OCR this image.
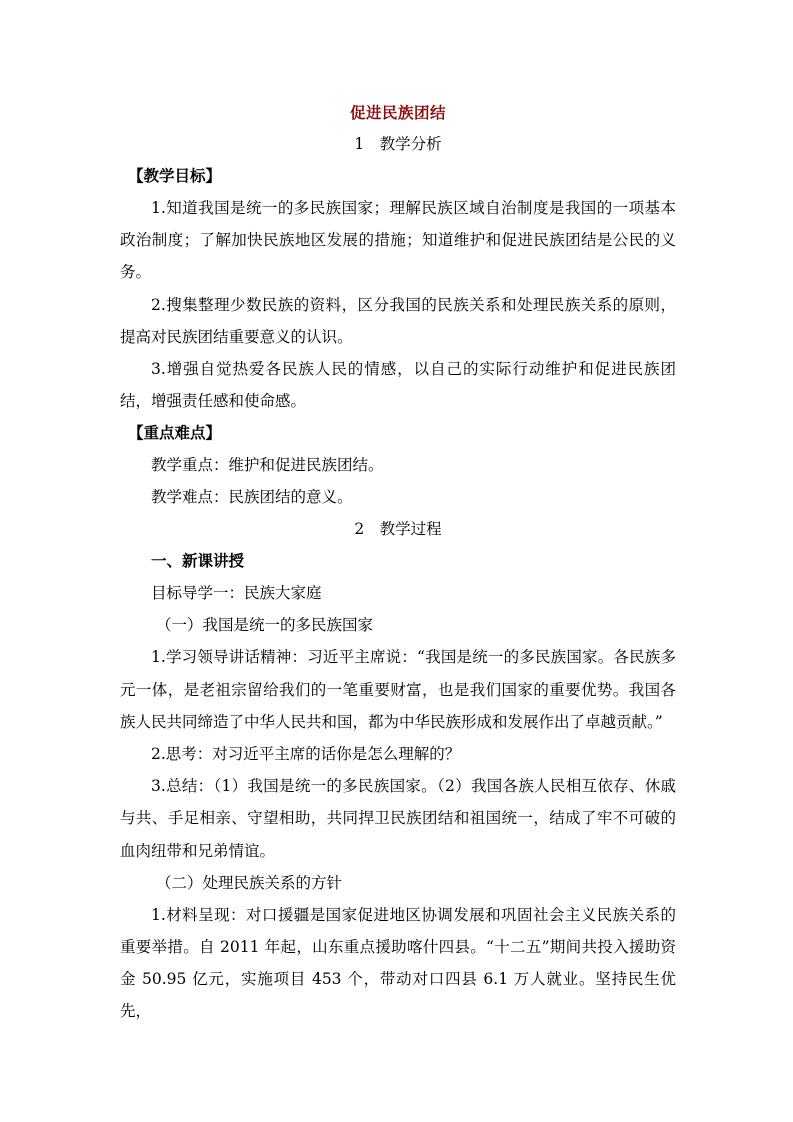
促进民族团结
1　教学分析
【教学目标】

1.知道我国是统一的多民族国家；理解民族区域自治制度是我国的一项基本政治制度；了解加快民族地区发展的措施；知道维护和促进民族团结是公民的义务。

2.搜集整理少数民族的资料，区分我国的民族关系和处理民族关系的原则，提高对民族团结重要意义的认识。

3.增强自觉热爱各民族人民的情感，以自己的实际行动维护和促进民族团结，增强责任感和使命感。

【重点难点】
教学重点：维护和促进民族团结。
教学难点：民族团结的意义。
2　教学过程
一、新课讲授
目标导学一：民族大家庭
（一）我国是统一的多民族国家

1.学习领导讲话精神：习近平主席说：“我国是统一的多民族国家。各民族多元一体，是老祖宗留给我们的一笔重要财富，也是我们国家的重要优势。我国各族人民共同缔造了中华人民共和国，都为中华民族形成和发展作出了卓越贡献。”

2.思考：对习近平主席的话你是怎么理解的？

3.总结：（1）我国是统一的多民族国家。（2）我国各族人民相互依存、休戚与共、手足相亲、守望相助，共同捍卫民族团结和祖国统一，结成了牢不可破的血肉纽带和兄弟情谊。

（二）处理民族关系的方针

1.材料呈现：对口援疆是国家促进地区协调发展和巩固社会主义民族关系的重要举措。自 2011 年起，山东重点援助喀什四县。“十二五”期间共投入援助资金 50.95 亿元，实施项目 453 个，带动对口四县 6.1 万人就业。坚持民生优先，
